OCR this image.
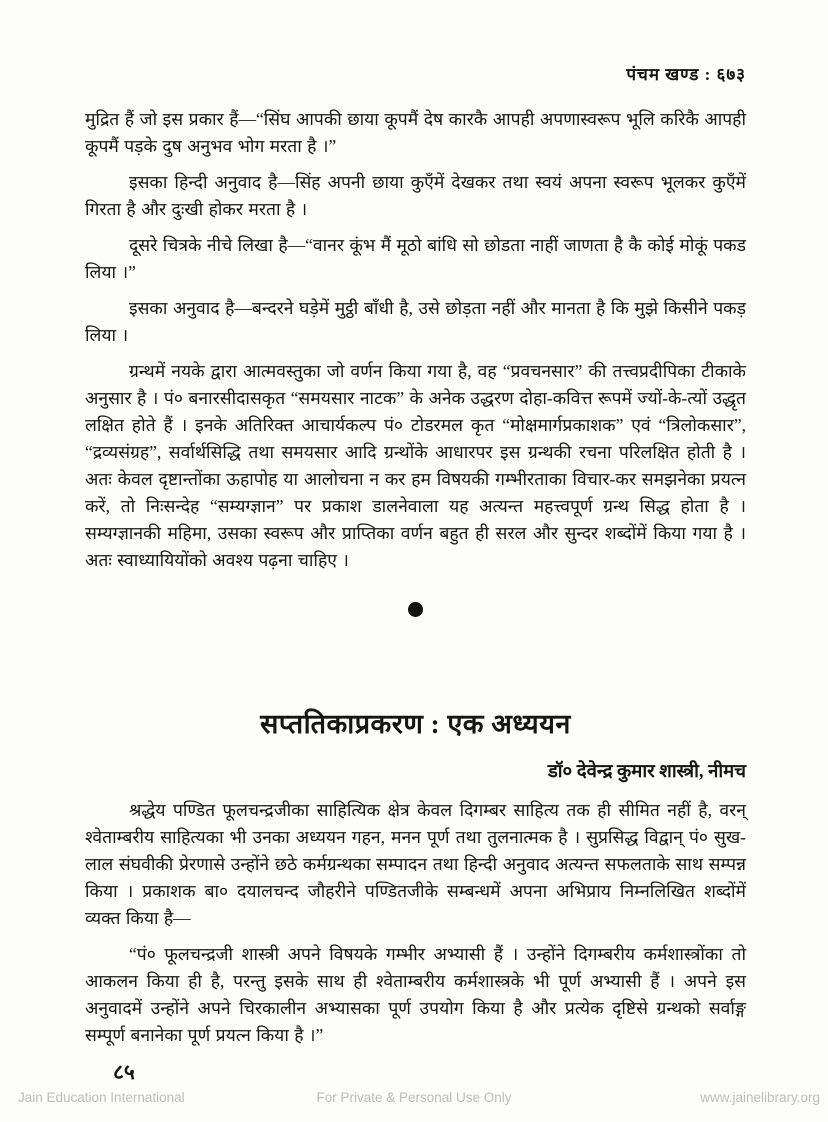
पंचम खण्ड : ६७३

मुद्रित हैं जो इस प्रकार हैं—“सिंघ आपकी छाया कूपमैं देष कारकै आपही अपणास्वरूप भूलि करिकै आपही कूपमैं पड़के दुष अनुभव भोग मरता है ।”

इसका हिन्दी अनुवाद है—सिंह अपनी छाया कुएँमें देखकर तथा स्वयं अपना स्वरूप भूलकर कुएँमें गिरता है और दुःखी होकर मरता है ।

दूसरे चित्रके नीचे लिखा है—“वानर कूंभ मैं मूठो बांधि सो छोडता नाहीं जाणता है कै कोई मोकूं पकड लिया ।”

इसका अनुवाद है—बन्दरने घड़ेमें मुट्ठी बाँधी है, उसे छोड़ता नहीं और मानता है कि मुझे किसीने पकड़ लिया ।

ग्रन्थमें नयके द्वारा आत्मवस्तुका जो वर्णन किया गया है, वह “प्रवचनसार” की तत्त्वप्रदीपिका टीकाके अनुसार है । पं० बनारसीदासकृत “समयसार नाटक” के अनेक उद्धरण दोहा-कवित्त रूपमें ज्यों-के-त्यों उद्धृत लक्षित होते हैं । इनके अतिरिक्त आचार्यकल्प पं० टोडरमल कृत “मोक्षमार्गप्रकाशक” एवं “त्रिलोकसार”, “द्रव्यसंग्रह”, सर्वार्थसिद्धि तथा समयसार आदि ग्रन्थोंके आधारपर इस ग्रन्थकी रचना परिलक्षित होती है । अतः केवल दृष्टान्तोंका ऊहापोह या आलोचना न कर हम विषयकी गम्भीरताका विचार-कर समझनेका प्रयत्न करें, तो निःसन्देह “सम्यग्ज्ञान” पर प्रकाश डालनेवाला यह अत्यन्त महत्त्वपूर्ण ग्रन्थ सिद्ध होता है । सम्यग्ज्ञानकी महिमा, उसका स्वरूप और प्राप्तिका वर्णन बहुत ही सरल और सुन्दर शब्दोंमें किया गया है । अतः स्वाध्यायियोंको अवश्य पढ़ना चाहिए ।

सप्ततिकाप्रकरण : एक अध्ययन
डॉ० देवेन्द्र कुमार शास्त्री, नीमच

श्रद्धेय पण्डित फूलचन्द्रजीका साहित्यिक क्षेत्र केवल दिगम्बर साहित्य तक ही सीमित नहीं है, वरन् श्वेताम्बरीय साहित्यका भी उनका अध्ययन गहन, मनन पूर्ण तथा तुलनात्मक है । सुप्रसिद्ध विद्वान् पं० सुख-लाल संघवीकी प्रेरणासे उन्होंने छठे कर्मग्रन्थका सम्पादन तथा हिन्दी अनुवाद अत्यन्त सफलताके साथ सम्पन्न किया । प्रकाशक बा० दयालचन्द जौहरीने पण्डितजीके सम्बन्धमें अपना अभिप्राय निम्नलिखित शब्दोंमें व्यक्त किया है—

“पं० फूलचन्द्रजी शास्त्री अपने विषयके गम्भीर अभ्यासी हैं । उन्होंने दिगम्बरीय कर्मशास्त्रोंका तो आकलन किया ही है, परन्तु इसके साथ ही श्वेताम्बरीय कर्मशास्त्रके भी पूर्ण अभ्यासी हैं । अपने इस अनुवादमें उन्होंने अपने चिरकालीन अभ्यासका पूर्ण उपयोग किया है और प्रत्येक दृष्टिसे ग्रन्थको सर्वाङ्ग सम्पूर्ण बनानेका पूर्ण प्रयत्न किया है ।”

८५
Jain Education International	For Private & Personal Use Only	www.jainelibrary.org
